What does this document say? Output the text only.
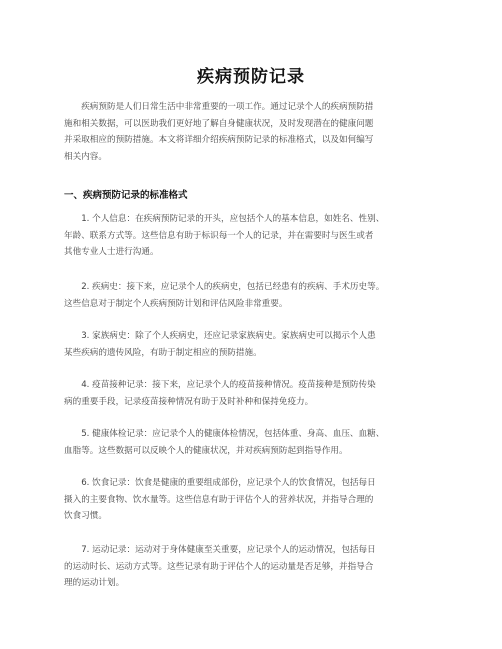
疾病预防记录

　　疾病预防是人们日常生活中非常重要的一项工作。通过记录个人的疾病预防措
施和相关数据，可以医助我们更好地了解自身健康状况，及时发现潜在的健康问题
并采取相应的预防措施。本文将详细介绍疾病预防记录的标准格式，以及如何编写
相关内容。

一、疾病预防记录的标准格式

　　1. 个人信息：在疾病预防记录的开头，应包括个人的基本信息，如姓名、性别、
年龄、联系方式等。这些信息有助于标识每一个人的记录，并在需要时与医生或者
其他专业人士进行沟通。

　　2. 疾病史：接下来，应记录个人的疾病史，包括已经患有的疾病、手术历史等。
这些信息对于制定个人疾病预防计划和评估风险非常重要。

　　3. 家族病史：除了个人疾病史，还应记录家族病史。家族病史可以揭示个人患
某些疾病的遗传风险，有助于制定相应的预防措施。

　　4. 疫苗接种记录：接下来，应记录个人的疫苗接种情况。疫苗接种是预防传染
病的重要手段，记录疫苗接种情况有助于及时补种和保持免疫力。

　　5. 健康体检记录：应记录个人的健康体检情况，包括体重、身高、血压、血糖、
血脂等。这些数据可以反映个人的健康状况，并对疾病预防起到指导作用。

　　6. 饮食记录：饮食是健康的重要组成部份，应记录个人的饮食情况，包括每日
摄入的主要食物、饮水量等。这些信息有助于评估个人的营养状况，并指导合理的
饮食习惯。

　　7. 运动记录：运动对于身体健康至关重要，应记录个人的运动情况，包括每日
的运动时长、运动方式等。这些记录有助于评估个人的运动量是否足够，并指导合
理的运动计划。
